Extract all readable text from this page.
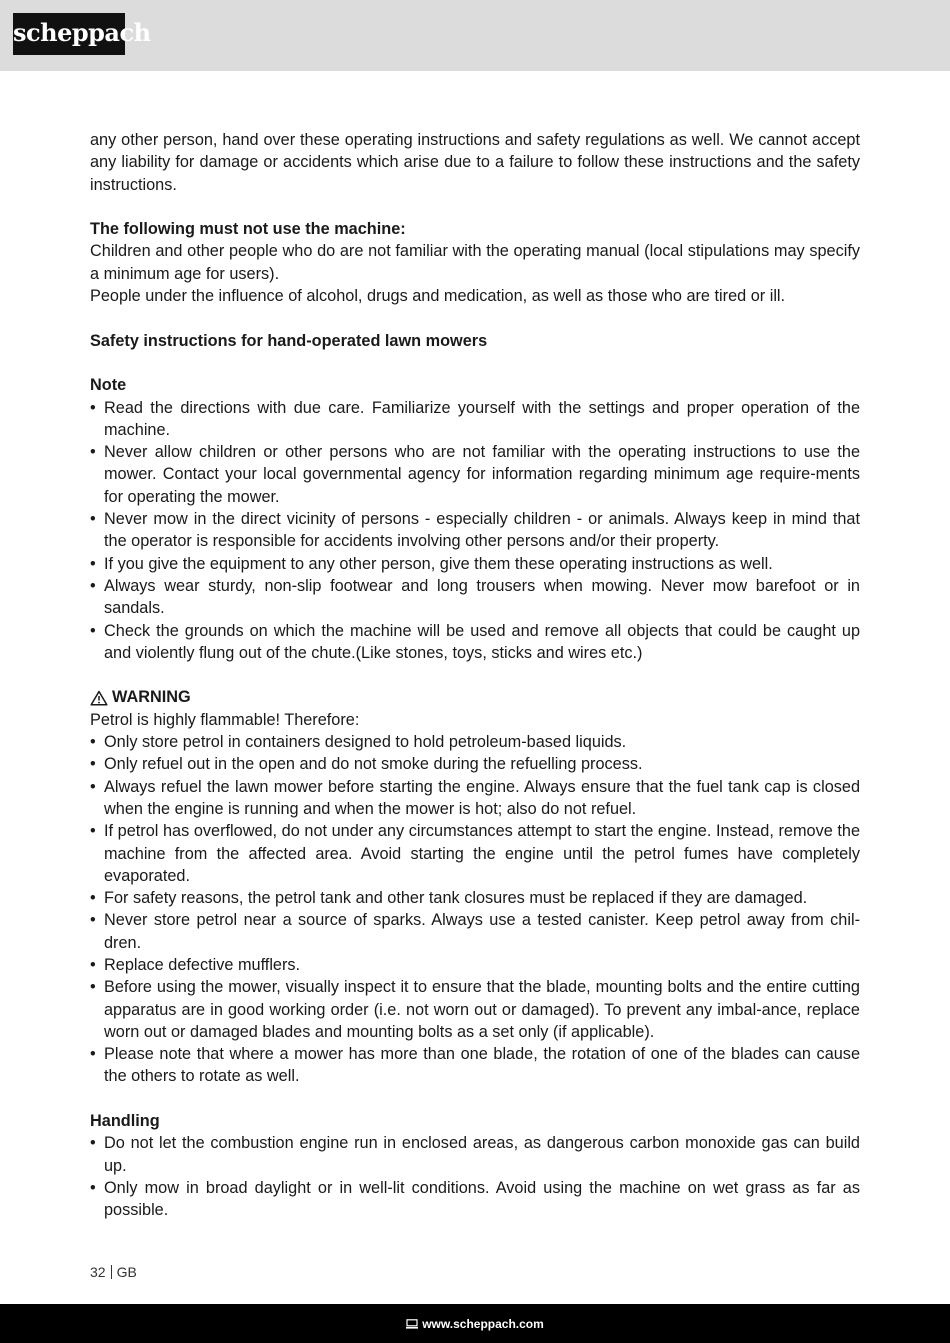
scheppach

any other person, hand over these operating instructions and safety regulations as well. We cannot accept any liability for damage or accidents which arise due to a failure to follow these instructions and the safety instructions.

The following must not use the machine:

Children and other people who do are not familiar with the operating manual (local stipulations may specify a minimum age for users).

People under the influence of alcohol, drugs and medication, as well as those who are tired or ill.

Safety instructions for hand-operated lawn mowers

Note

• Read the directions with due care. Familiarize yourself with the settings and proper operation of the machine.
• Never allow children or other persons who are not familiar with the operating instructions to use the mower. Contact your local governmental agency for information regarding minimum age require-ments for operating the mower.
• Never mow in the direct vicinity of persons - especially children - or animals. Always keep in mind that the operator is responsible for accidents involving other persons and/or their property.
• If you give the equipment to any other person, give them these operating instructions as well.
• Always wear sturdy, non-slip footwear and long trousers when mowing. Never mow barefoot or in sandals.
• Check the grounds on which the machine will be used and remove all objects that could be caught up and violently flung out of the chute.(Like stones, toys, sticks and wires etc.)
WARNING

Petrol is highly flammable! Therefore:

• Only store petrol in containers designed to hold petroleum-based liquids.
• Only refuel out in the open and do not smoke during the refuelling process.
• Always refuel the lawn mower before starting the engine. Always ensure that the fuel tank cap is closed when the engine is running and when the mower is hot; also do not refuel.
• If petrol has overflowed, do not under any circumstances attempt to start the engine. Instead, remove the machine from the affected area. Avoid starting the engine until the petrol fumes have completely evaporated.
• For safety reasons, the petrol tank and other tank closures must be replaced if they are damaged.
• Never store petrol near a source of sparks. Always use a tested canister. Keep petrol away from chil-dren.
• Replace defective mufflers.
• Before using the mower, visually inspect it to ensure that the blade, mounting bolts and the entire cutting apparatus are in good working order (i.e. not worn out or damaged). To prevent any imbal-ance, replace worn out or damaged blades and mounting bolts as a set only (if applicable).
• Please note that where a mower has more than one blade, the rotation of one of the blades can cause the others to rotate as well.

Handling

• Do not let the combustion engine run in enclosed areas, as dangerous carbon monoxide gas can build up.
• Only mow in broad daylight or in well-lit conditions. Avoid using the machine on wet grass as far as possible.
32 GB
www.scheppach.com
